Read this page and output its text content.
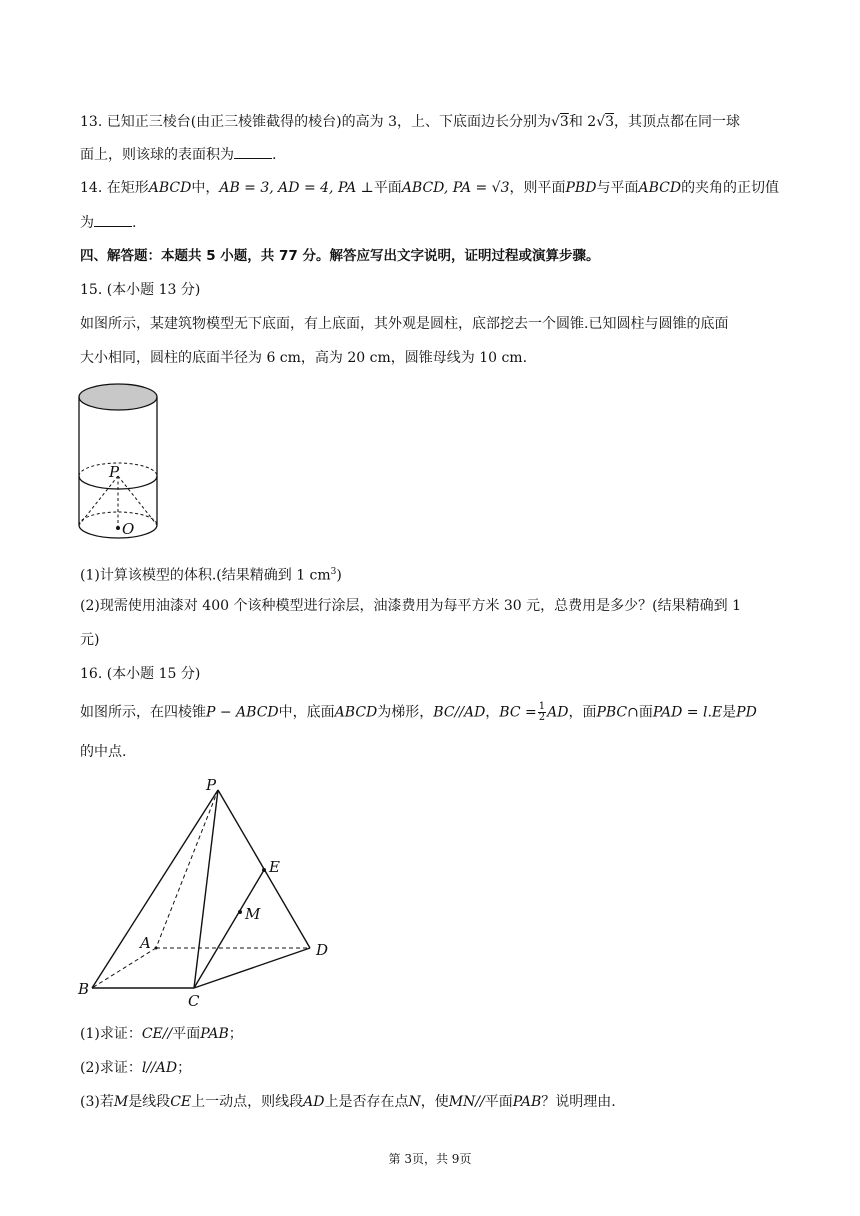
13. 已知正三棱台(由正三棱锥截得的棱台)的高为 3，上、下底面边长分别为√3和 2√3，其顶点都在同一球
面上，则该球的表面积为	.
14. 在矩形ABCD中，AB = 3, AD = 4, PA ⊥平面ABCD, PA = √3，则平面PBD与平面ABCD的夹角的正切值
为	.
四、解答题：本题共 5 小题，共 77 分。解答应写出文字说明，证明过程或演算步骤。
15. (本小题 13 分)
如图所示，某建筑物模型无下底面，有上底面，其外观是圆柱，底部挖去一个圆锥.已知圆柱与圆锥的底面
大小相同，圆柱的底面半径为 6 cm，高为 20 cm，圆锥母线为 10 cm.
P
O
(1)计算该模型的体积.(结果精确到 1 $cm^3$)
(2)现需使用油漆对 400 个该种模型进行涂层，油漆费用为每平方米 30 元，总费用是多少？(结果精确到 1
元)
16. (本小题 15 分)
如图所示，在四棱锥P − ABCD中，底面ABCD为梯形，BC//AD，BC = $\frac{1}{2}$ AD，面PBC∩面PAD = l.E是PD
的中点.
P
E
M
A	D
B
C
(1)求证：CE//平面PAB；
(2)求证：l//AD；
(3)若M是线段CE上一动点，则线段AD上是否存在点N，使MN//平面PAB？说明理由.
第 3页，共 9页
